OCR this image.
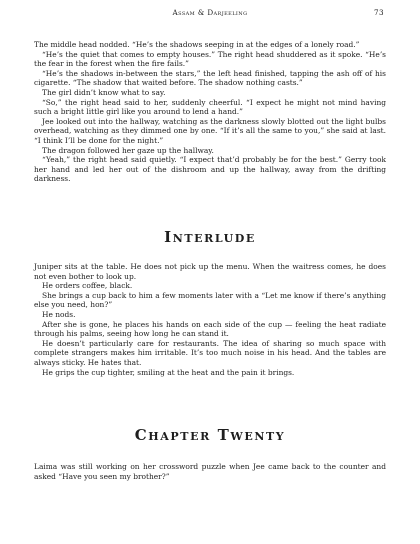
Assam & Darjeeling	73

The middle head nodded. “He’s the shadows seeping in at the edges of a lonely road.”

“He’s the quiet that comes to empty houses.” The right head shuddered as it spoke. “He’s the fear in the forest when the fire fails.”

“He’s the shadows in-between the stars,” the left head finished, tapping the ash off of his cigarette. “The shadow that waited before. The shadow nothing casts.”

The girl didn’t know what to say.

“So,” the right head said to her, suddenly cheerful. “I expect he might not mind having such a bright little girl like you around to lend a hand.”

Jee looked out into the hallway, watching as the darkness slowly blotted out the light bulbs overhead, watching as they dimmed one by one. “If it’s all the same to you,” she said at last. “I think I’ll be done for the night.”

The dragon followed her gaze up the hallway.

“Yeah,” the right head said quietly. “I expect that’d probably be for the best.” Gerry took her hand and led her out of the dishroom and up the hallway, away from the drifting darkness.

Interlude

Juniper sits at the table. He does not pick up the menu. When the waitress comes, he does not even bother to look up.

He orders coffee, black.

She brings a cup back to him a few moments later with a “Let me know if there’s anything else you need, hon?”

He nods.

After she is gone, he places his hands on each side of the cup — feeling the heat radiate through his palms, seeing how long he can stand it.

He doesn’t particularly care for restaurants. The idea of sharing so much space with complete strangers makes him irritable. It’s too much noise in his head. And the tables are always sticky. He hates that.

He grips the cup tighter, smiling at the heat and the pain it brings.

Chapter Twenty

Laima was still working on her crossword puzzle when Jee came back to the counter and asked “Have you seen my brother?”
